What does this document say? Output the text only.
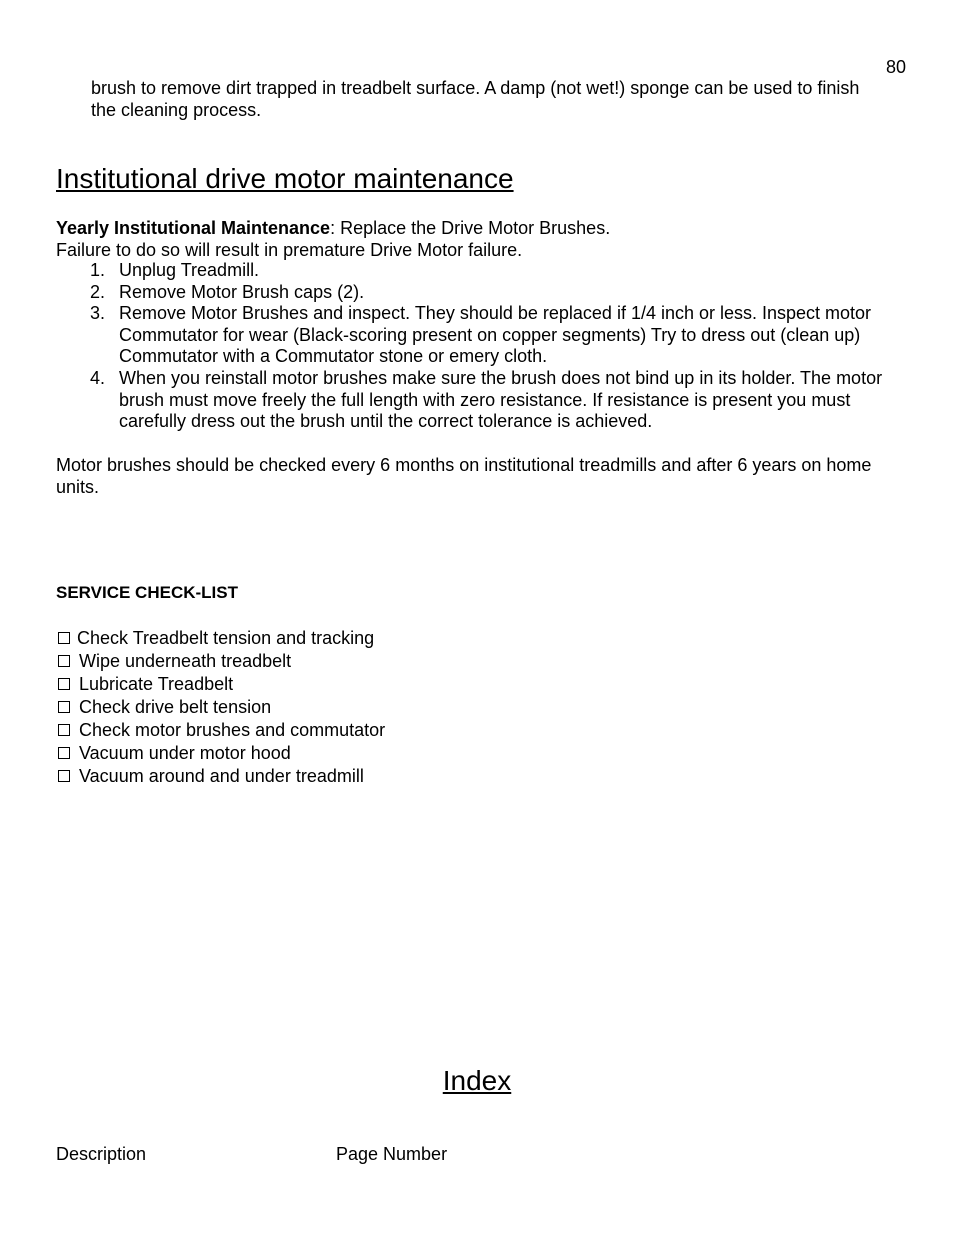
80
brush to remove dirt trapped in treadbelt surface. A damp (not wet!) sponge can be used to finish the cleaning process.
Institutional drive motor maintenance
Yearly Institutional Maintenance: Replace the Drive Motor Brushes.
Failure to do so will result in premature Drive Motor failure.
1. Unplug Treadmill.
2. Remove Motor Brush caps (2).
3. Remove Motor Brushes and inspect. They should be replaced if 1/4 inch or less. Inspect motor Commutator for wear (Black-scoring present on copper segments) Try to dress out (clean up) Commutator with a Commutator stone or emery cloth.
4. When you reinstall motor brushes make sure the brush does not bind up in its holder. The motor brush must move freely the full length with zero resistance. If resistance is present you must carefully dress out the brush until the correct tolerance is achieved.
Motor brushes should be checked every 6 months on institutional treadmills and after 6 years on home units.
SERVICE CHECK-LIST
Check Treadbelt tension and tracking
Wipe underneath treadbelt
Lubricate Treadbelt
Check drive belt tension
Check motor brushes and commutator
Vacuum under motor hood
Vacuum around and under treadmill
Index
Description	Page Number
